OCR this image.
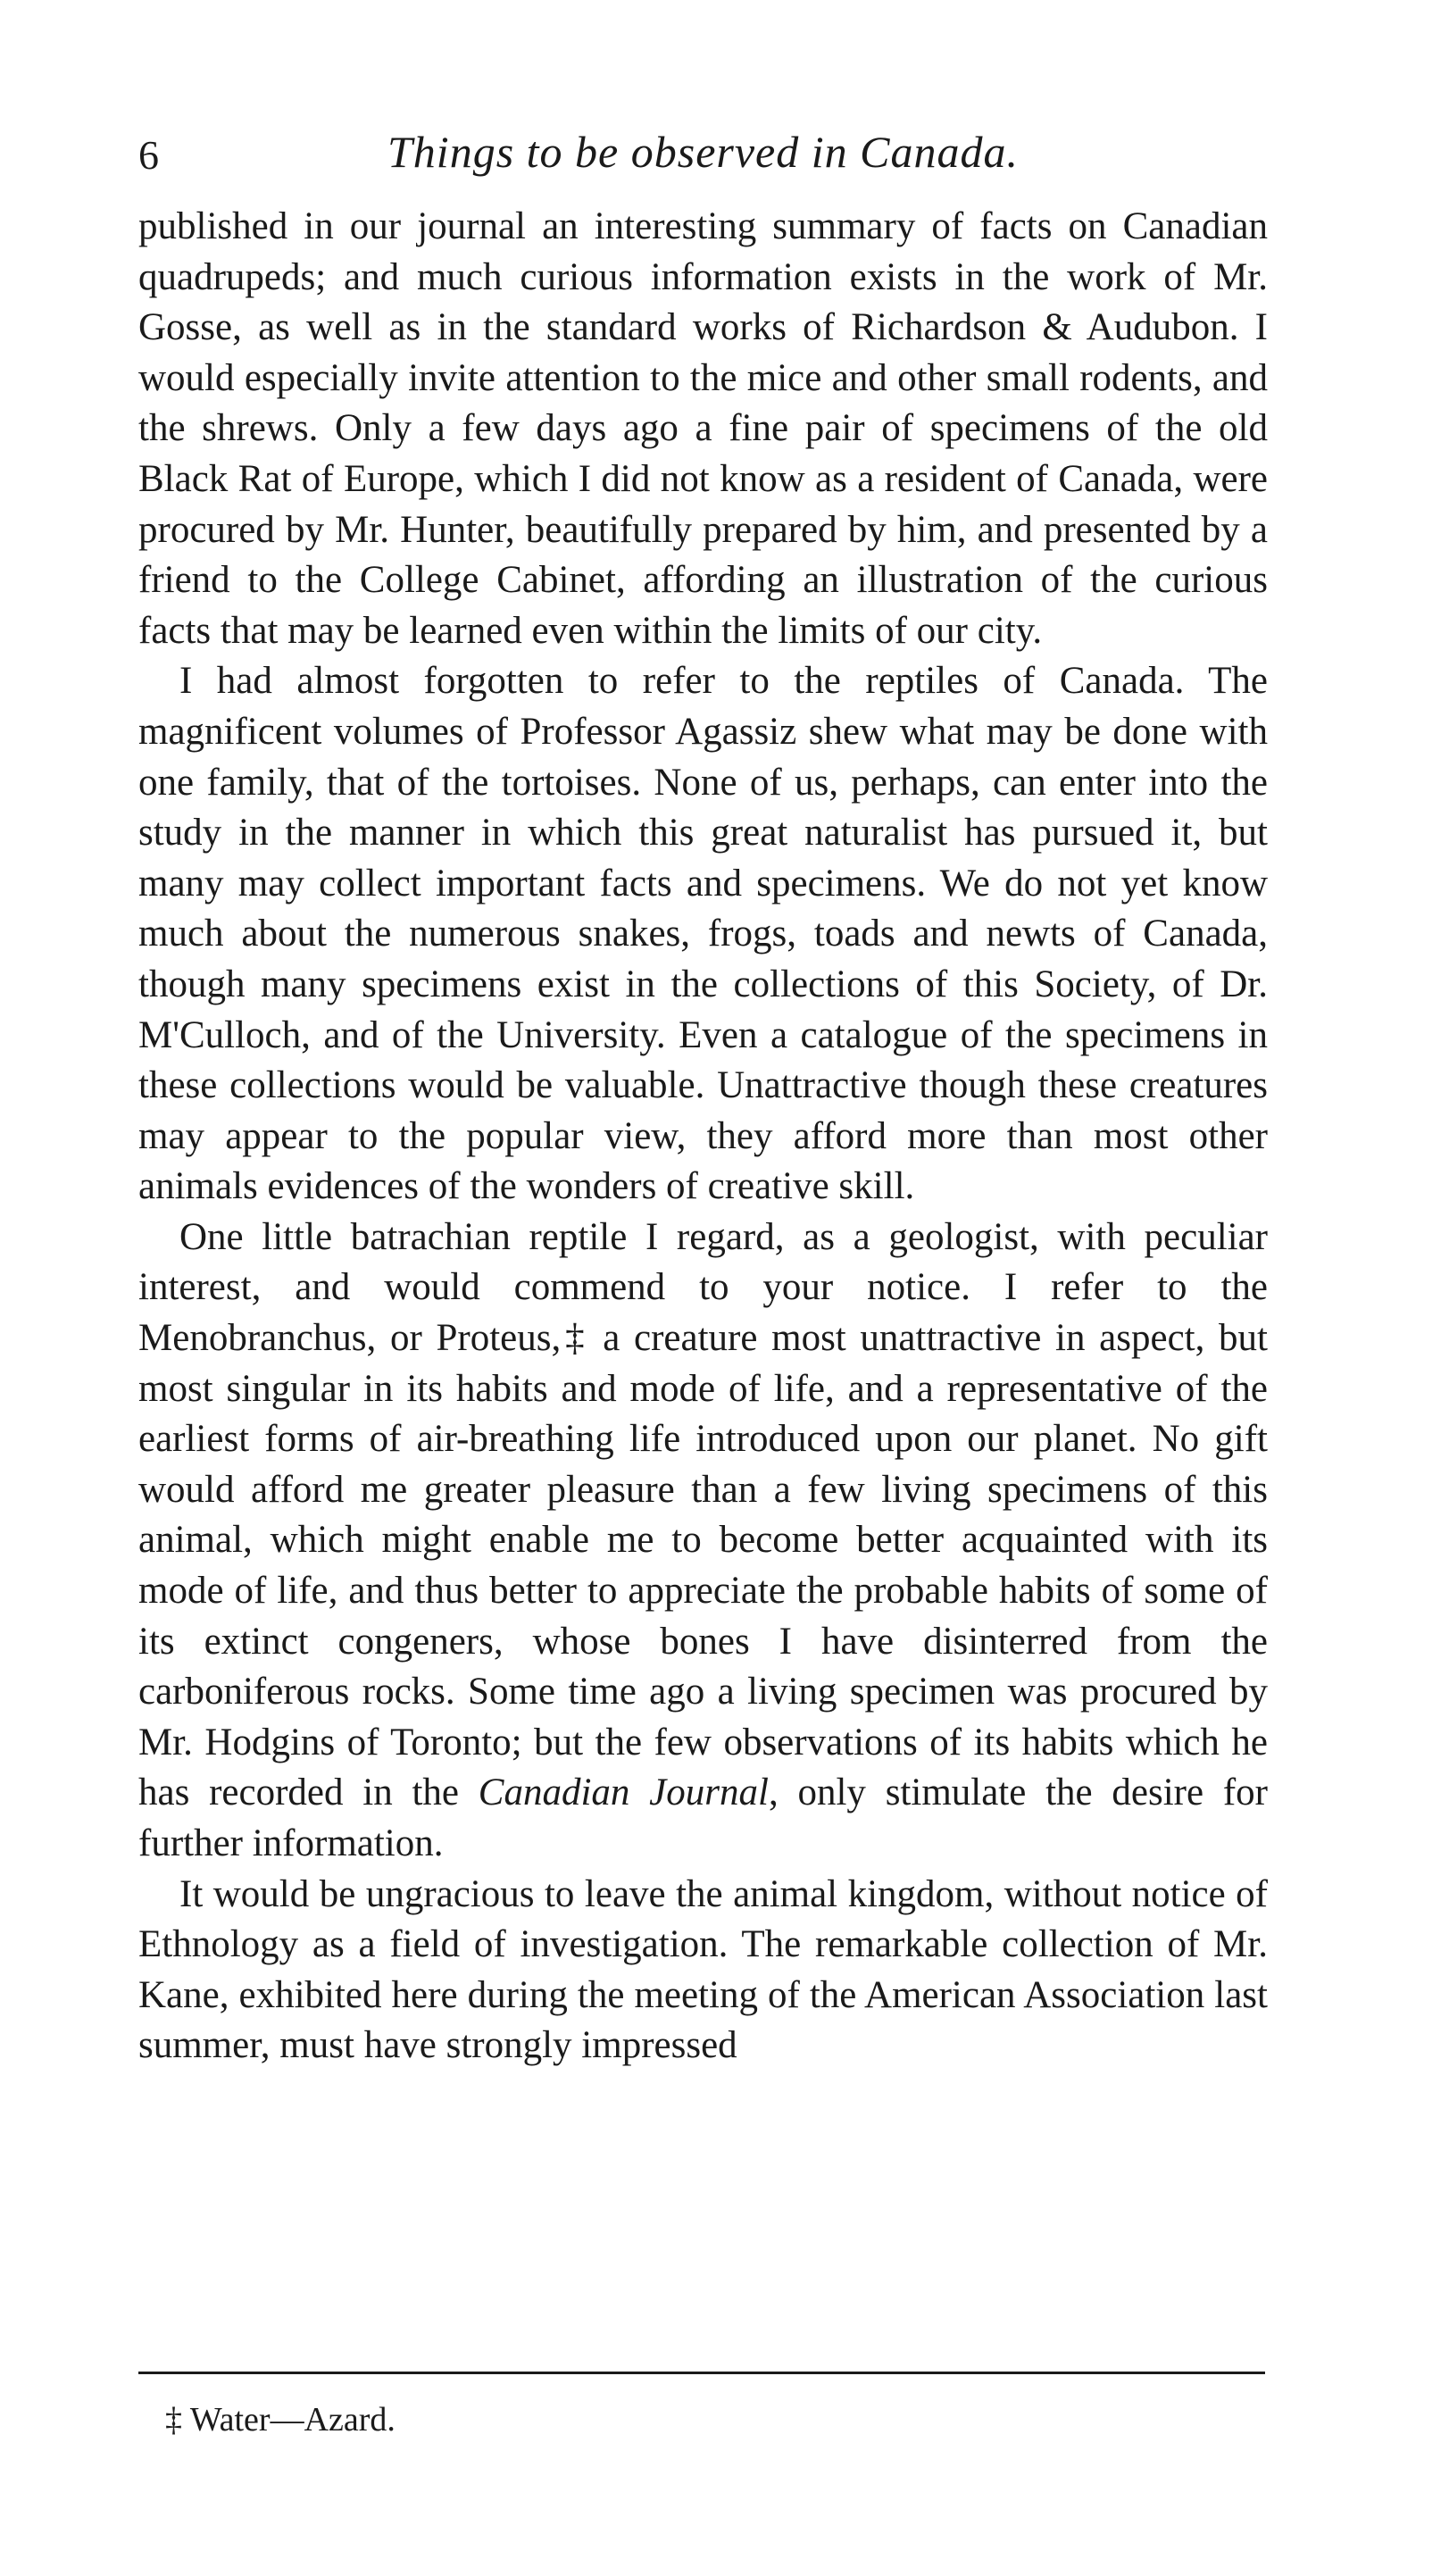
6	Things to be observed in Canada.

published in our journal an interesting summary of facts on Canadian quadrupeds; and much curious information exists in the work of Mr. Gosse, as well as in the standard works of Richardson & Audubon. I would especially invite attention to the mice and other small rodents, and the shrews. Only a few days ago a fine pair of specimens of the old Black Rat of Europe, which I did not know as a resident of Canada, were procured by Mr. Hunter, beautifully prepared by him, and presented by a friend to the College Cabinet, affording an illustration of the curious facts that may be learned even within the limits of our city.

I had almost forgotten to refer to the reptiles of Canada. The magnificent volumes of Professor Agassiz shew what may be done with one family, that of the tortoises. None of us, perhaps, can enter into the study in the manner in which this great naturalist has pursued it, but many may collect important facts and specimens. We do not yet know much about the numerous snakes, frogs, toads and newts of Canada, though many specimens exist in the collections of this Society, of Dr. M'Culloch, and of the University. Even a catalogue of the specimens in these collections would be valuable. Unattractive though these creatures may appear to the popular view, they afford more than most other animals evidences of the wonders of creative skill.

One little batrachian reptile I regard, as a geologist, with peculiar interest, and would commend to your notice. I refer to the Menobranchus, or Proteus,‡ a creature most unattractive in aspect, but most singular in its habits and mode of life, and a representative of the earliest forms of air-breathing life introduced upon our planet. No gift would afford me greater pleasure than a few living specimens of this animal, which might enable me to become better acquainted with its mode of life, and thus better to appreciate the probable habits of some of its extinct congeners, whose bones I have disinterred from the carboniferous rocks. Some time ago a living specimen was procured by Mr. Hodgins of Toronto; but the few observations of its habits which he has recorded in the Canadian Journal, only stimulate the desire for further information.

It would be ungracious to leave the animal kingdom, without notice of Ethnology as a field of investigation. The remarkable collection of Mr. Kane, exhibited here during the meeting of the American Association last summer, must have strongly impressed

‡ Water—Azard.
